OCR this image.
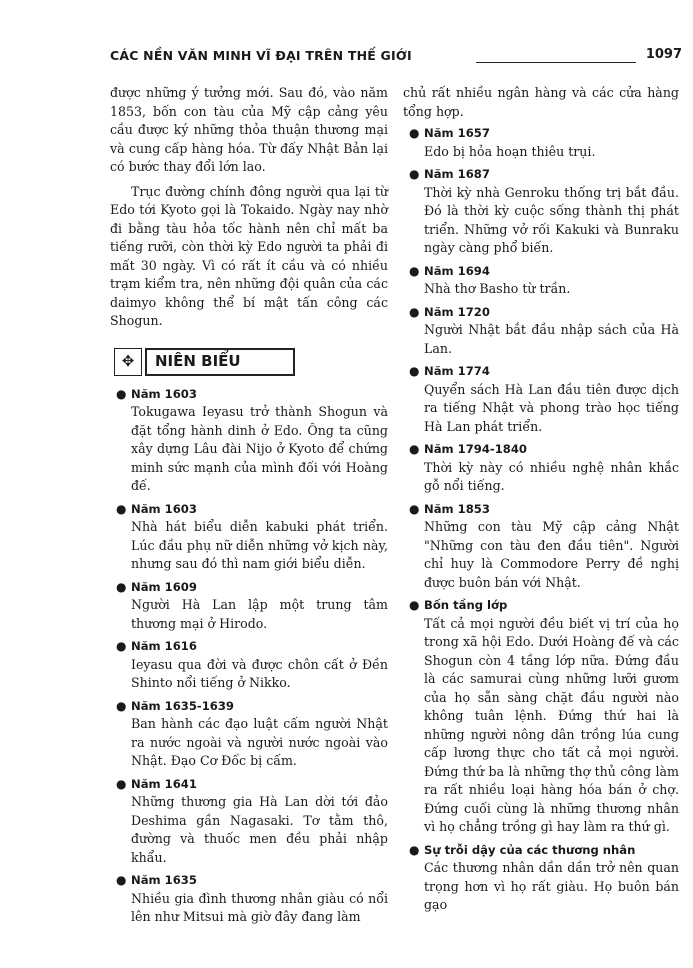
CÁC NỀN VĂN MINH VĨ ĐẠI TRÊN THẾ GIỚI	1097

được những ý tưởng mới. Sau đó, vào năm 1853, bốn con tàu của Mỹ cập cảng yêu cầu được ký những thỏa thuận thương mại và cung cấp hàng hóa. Từ đấy Nhật Bản lại có bước thay đổi lớn lao.

Trục đường chính đông người qua lại từ Edo tới Kyoto gọi là Tokaido. Ngày nay nhờ đi bằng tàu hỏa tốc hành nên chỉ mất ba tiếng rưỡi, còn thời kỳ Edo người ta phải đi mất 30 ngày. Vì có rất ít cầu và có nhiều trạm kiểm tra, nên những đội quân của các daimyo không thể bí mật tấn công các Shogun.

✥	NIÊN BIỂU
● Năm 1603

Tokugawa Ieyasu trở thành Shogun và đặt tổng hành dinh ở Edo. Ông ta cũng xây dựng Lâu đài Nijo ở Kyoto để chứng minh sức mạnh của mình đối với Hoàng đế.

● Năm 1603

Nhà hát biểu diễn kabuki phát triển. Lúc đầu phụ nữ diễn những vở kịch này, nhưng sau đó thì nam giới biểu diễn.

● Năm 1609

Người Hà Lan lập một trung tâm thương mại ở Hirodo.

● Năm 1616

Ieyasu qua đời và được chôn cất ở Đền Shinto nổi tiếng ở Nikko.

● Năm 1635-1639

Ban hành các đạo luật cấm người Nhật ra nước ngoài và người nước ngoài vào Nhật. Đạo Cơ Đốc bị cấm.

● Năm 1641

Những thương gia Hà Lan dời tới đảo Deshima gần Nagasaki. Tơ tằm thô, đường và thuốc men đều phải nhập khẩu.

● Năm 1635

Nhiều gia đình thương nhân giàu có nổi lên như Mitsui mà giờ đây đang làm

chủ rất nhiều ngân hàng và các cửa hàng tổng hợp.

● Năm 1657

Edo bị hỏa hoạn thiêu trụi.

● Năm 1687

Thời kỳ nhà Genroku thống trị bắt đầu. Đó là thời kỳ cuộc sống thành thị phát triển. Những vở rối Kakuki và Bunraku ngày càng phổ biến.

● Năm 1694

Nhà thơ Basho từ trần.

● Năm 1720

Người Nhật bắt đầu nhập sách của Hà Lan.

● Năm 1774

Quyển sách Hà Lan đầu tiên được dịch ra tiếng Nhật và phong trào học tiếng Hà Lan phát triển.

● Năm 1794-1840

Thời kỳ này có nhiều nghệ nhân khắc gỗ nổi tiếng.

● Năm 1853

Những con tàu Mỹ cập cảng Nhật "Những con tàu đen đầu tiên". Người chỉ huy là Commodore Perry đề nghị được buôn bán với Nhật.

● Bốn tầng lớp

Tất cả mọi người đều biết vị trí của họ trong xã hội Edo. Dưới Hoàng đế và các Shogun còn 4 tầng lớp nữa. Đứng đầu là các samurai cùng những lưỡi gươm của họ sẵn sàng chặt đầu người nào không tuân lệnh. Đứng thứ hai là những người nông dân trồng lúa cung cấp lương thực cho tất cả mọi người. Đứng thứ ba là những thợ thủ công làm ra rất nhiều loại hàng hóa bán ở chợ. Đứng cuối cùng là những thương nhân vì họ chẳng trồng gì hay làm ra thứ gì.

● Sự trỗi dậy của các thương nhân

Các thương nhân dần dần trở nên quan trọng hơn vì họ rất giàu. Họ buôn bán gạo
